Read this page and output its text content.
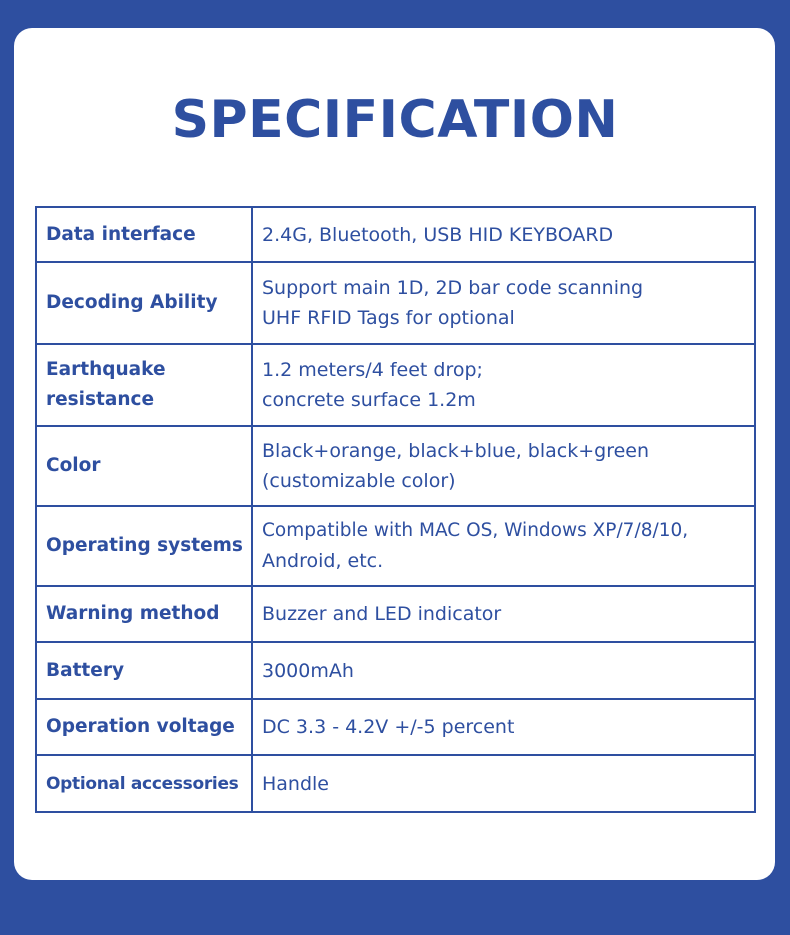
SPECIFICATION
Data interface	2.4G, Bluetooth, USB HID KEYBOARD

Decoding Ability	Support main 1D, 2D bar code scanning
UHF RFID Tags for optional

Earthquake
resistance	1.2 meters/4 feet drop;
concrete surface 1.2m

Color	Black+orange, black+blue, black+green
(customizable color)

Operating systems	Compatible with MAC OS, Windows XP/7/8/10,
Android, etc.

Warning method	Buzzer and LED indicator

Battery	3000mAh

Operation voltage	DC 3.3 - 4.2V +/-5 percent

Optional accessories	Handle
